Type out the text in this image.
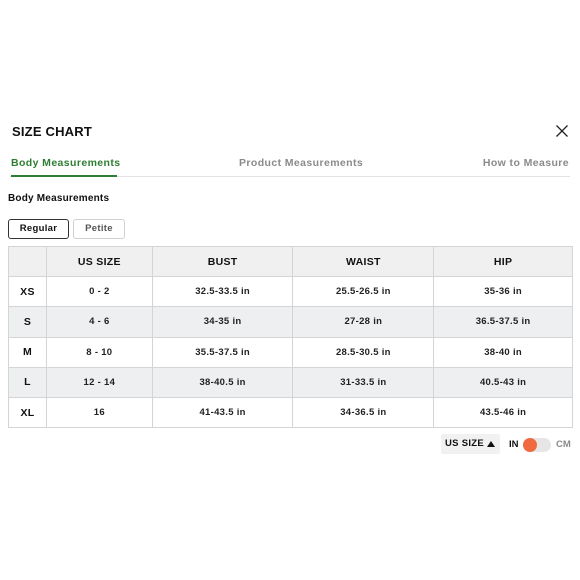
SIZE CHART
Body Measurements	Product Measurements	How to Measure
Body Measurements
Regular	Petite
	US SIZE	BUST	WAIST	HIP
XS	0 - 2	32.5-33.5 in	25.5-26.5 in	35-36 in
S	4 - 6	34-35 in	27-28 in	36.5-37.5 in
M	8 - 10	35.5-37.5 in	28.5-30.5 in	38-40 in
L	12 - 14	38-40.5 in	31-33.5 in	40.5-43 in
XL	16	41-43.5 in	34-36.5 in	43.5-46 in
US SIZE	IN	CM
